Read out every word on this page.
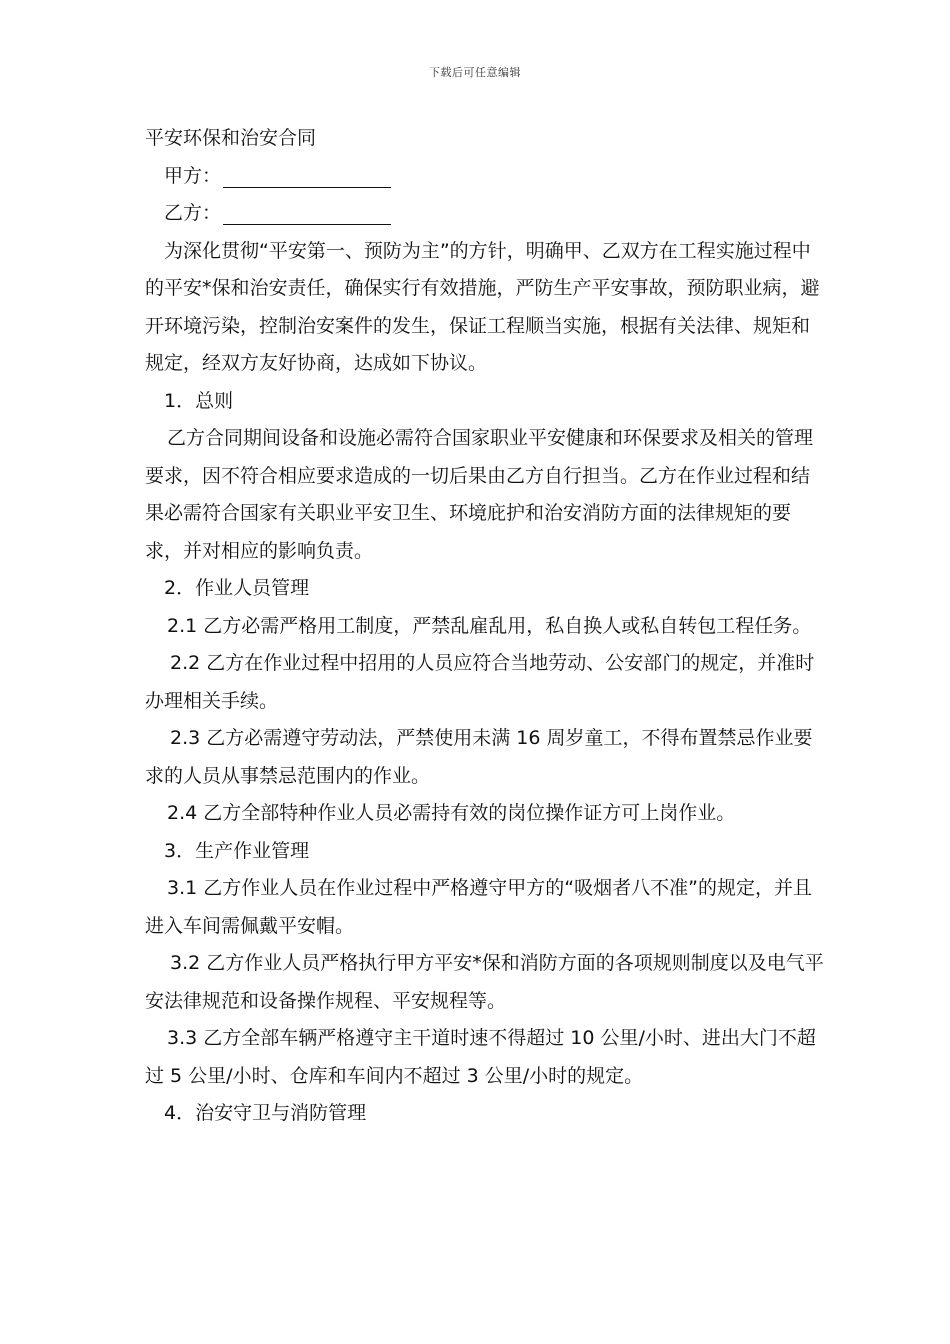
下载后可任意编辑

平安环保和治安合同

甲方：

乙方：

为深化贯彻“平安第一、预防为主”的方针，明确甲、乙双方在工程实施过程中的平安*保和治安责任，确保实行有效措施，严防生产平安事故，预防职业病，避开环境污染，控制治安案件的发生，保证工程顺当实施，根据有关法律、规矩和规定，经双方友好协商，达成如下协议。

1．总则

乙方合同期间设备和设施必需符合国家职业平安健康和环保要求及相关的管理要求，因不符合相应要求造成的一切后果由乙方自行担当。乙方在作业过程和结果必需符合国家有关职业平安卫生、环境庇护和治安消防方面的法律规矩的要求，并对相应的影响负责。

2．作业人员管理

2.1 乙方必需严格用工制度，严禁乱雇乱用，私自换人或私自转包工程任务。

2.2 乙方在作业过程中招用的人员应符合当地劳动、公安部门的规定，并准时办理相关手续。

2.3 乙方必需遵守劳动法，严禁使用未满 16 周岁童工，不得布置禁忌作业要求的人员从事禁忌范围内的作业。

2.4 乙方全部特种作业人员必需持有效的岗位操作证方可上岗作业。

3．生产作业管理

3.1 乙方作业人员在作业过程中严格遵守甲方的“吸烟者八不准”的规定，并且进入车间需佩戴平安帽。

3.2 乙方作业人员严格执行甲方平安*保和消防方面的各项规则制度以及电气平安法律规范和设备操作规程、平安规程等。

3.3 乙方全部车辆严格遵守主干道时速不得超过 10 公里/小时、进出大门不超过 5 公里/小时、仓库和车间内不超过 3 公里/小时的规定。

4．治安守卫与消防管理
